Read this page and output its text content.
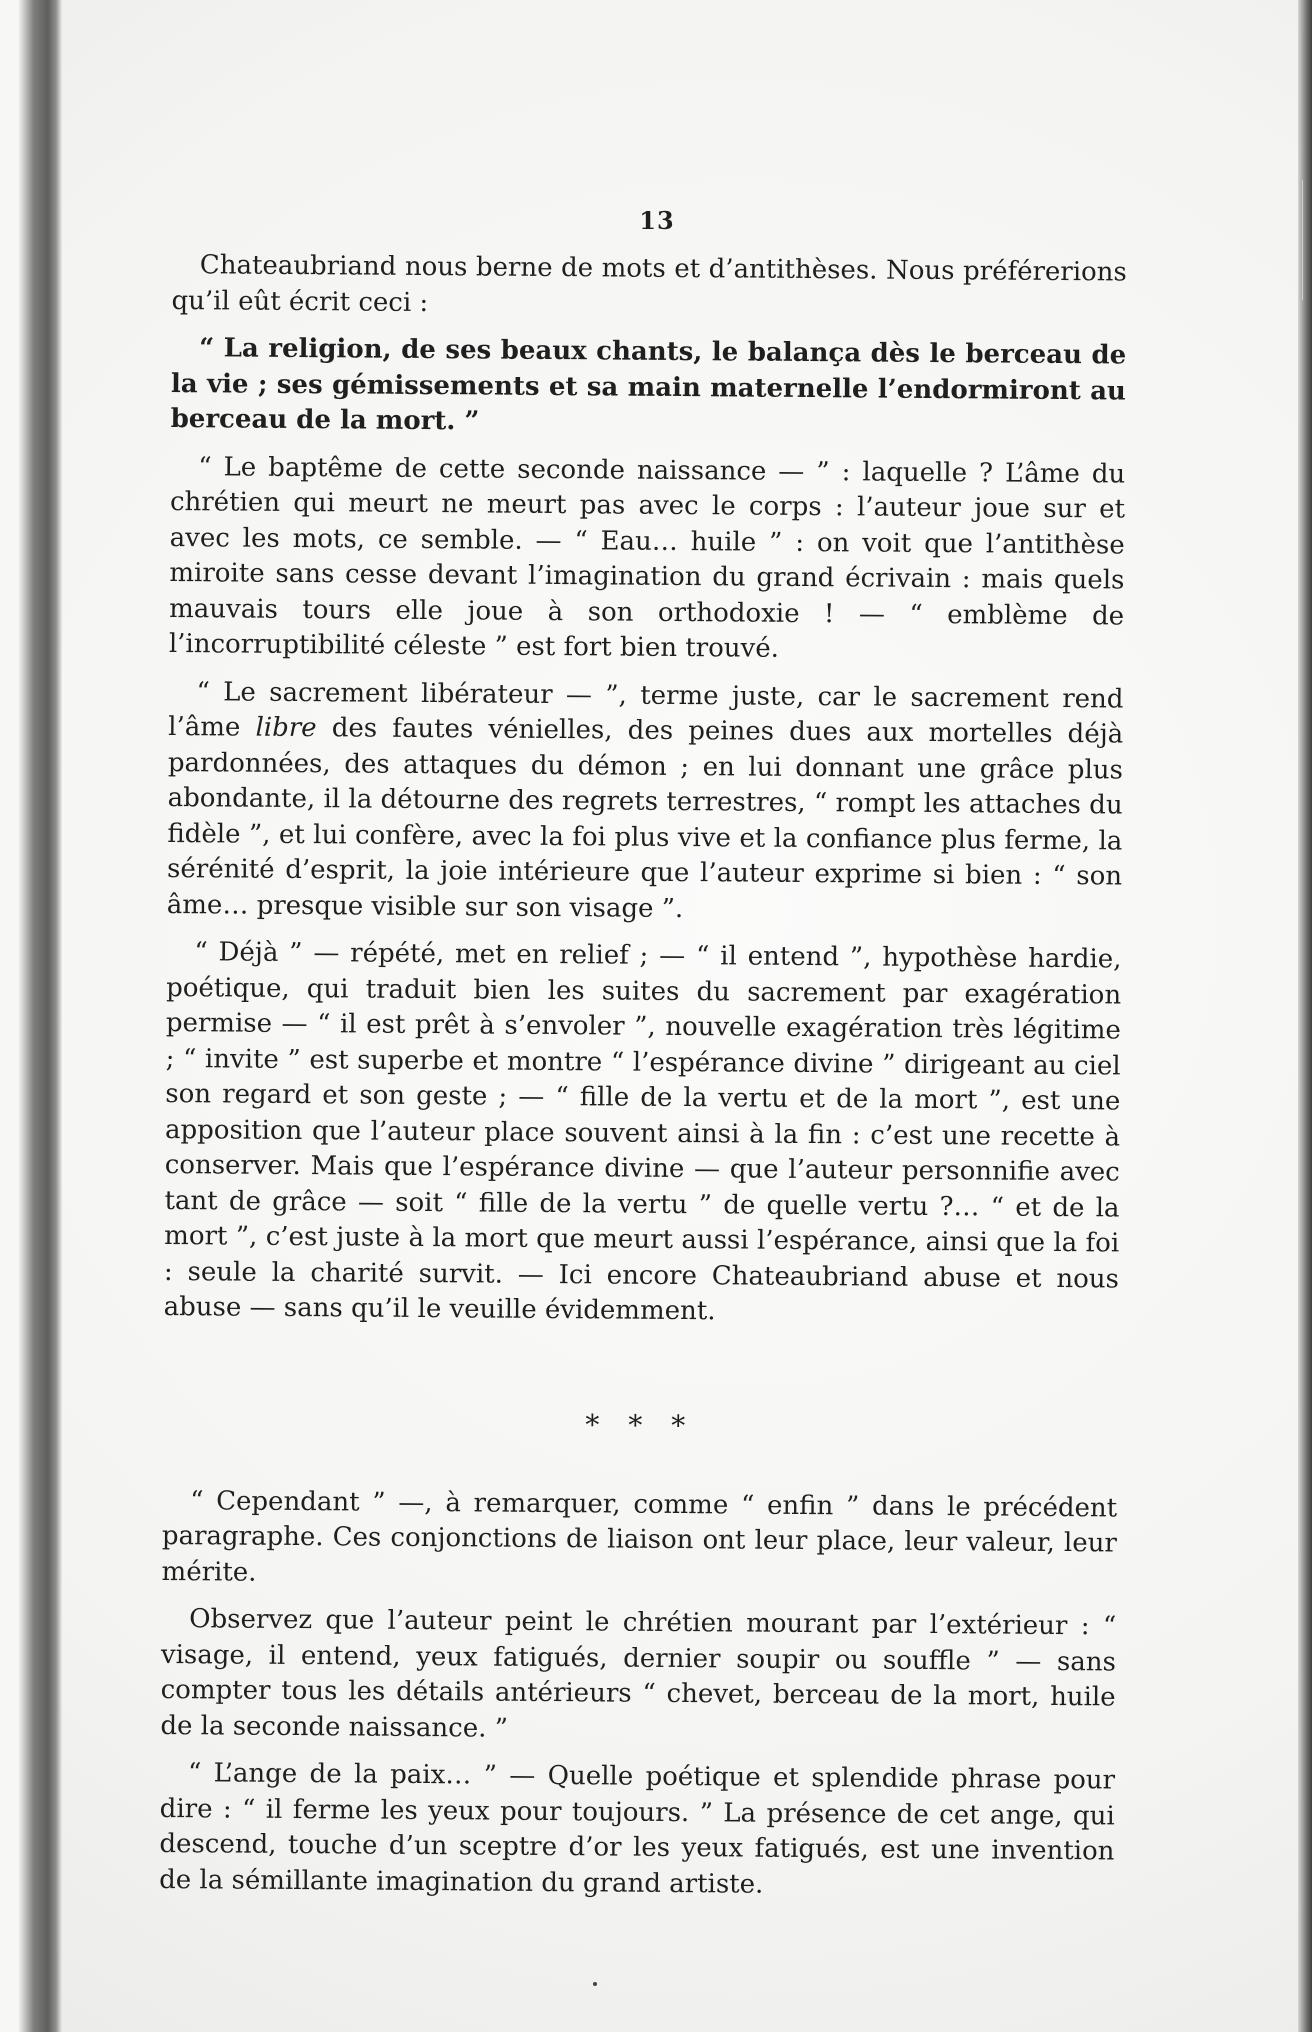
13

Chateaubriand nous berne de mots et d’antithèses. Nous préférerions qu’il eût écrit ceci :

“ La religion, de ses beaux chants, le balança dès le berceau de la vie ; ses gémissements et sa main maternelle l’endormiront au berceau de la mort. ”

“ Le baptême de cette seconde naissance — ” : laquelle ? L’âme du chrétien qui meurt ne meurt pas avec le corps : l’auteur joue sur et avec les mots, ce semble. — “ Eau… huile ” : on voit que l’antithèse miroite sans cesse devant l’imagination du grand écrivain : mais quels mauvais tours elle joue à son orthodoxie ! — “ emblème de l’incorruptibilité céleste ” est fort bien trouvé.

“ Le sacrement libérateur — ”, terme juste, car le sacrement rend l’âme libre des fautes vénielles, des peines dues aux mortelles déjà pardonnées, des attaques du démon ; en lui donnant une grâce plus abondante, il la détourne des regrets terrestres, “ rompt les attaches du fidèle ”, et lui confère, avec la foi plus vive et la confiance plus ferme, la sérénité d’esprit, la joie intérieure que l’auteur exprime si bien : “ son âme… presque visible sur son visage ”.

“ Déjà ” — répété, met en relief ; — “ il entend ”, hypothèse hardie, poétique, qui traduit bien les suites du sacrement par exagération permise — “ il est prêt à s’envoler ”, nouvelle exagération très légitime ; “ invite ” est superbe et montre “ l’espérance divine ” dirigeant au ciel son regard et son geste ; — “ fille de la vertu et de la mort ”, est une apposition que l’auteur place souvent ainsi à la fin : c’est une recette à conserver. Mais que l’espérance divine — que l’auteur personnifie avec tant de grâce — soit “ fille de la vertu ” de quelle vertu ?… “ et de la mort ”, c’est juste à la mort que meurt aussi l’espérance, ainsi que la foi : seule la charité survit. — Ici encore Chateaubriand abuse et nous abuse — sans qu’il le veuille évidemment.

* * *

“ Cependant ” —, à remarquer, comme “ enfin ” dans le précédent paragraphe. Ces conjonctions de liaison ont leur place, leur valeur, leur mérite.

Observez que l’auteur peint le chrétien mourant par l’extérieur : “ visage, il entend, yeux fatigués, dernier soupir ou souffle ” — sans compter tous les détails antérieurs “ chevet, berceau de la mort, huile de la seconde naissance. ”

“ L’ange de la paix… ” — Quelle poétique et splendide phrase pour dire : “ il ferme les yeux pour toujours. ” La présence de cet ange, qui descend, touche d’un sceptre d’or les yeux fatigués, est une invention de la sémillante imagination du grand artiste.
